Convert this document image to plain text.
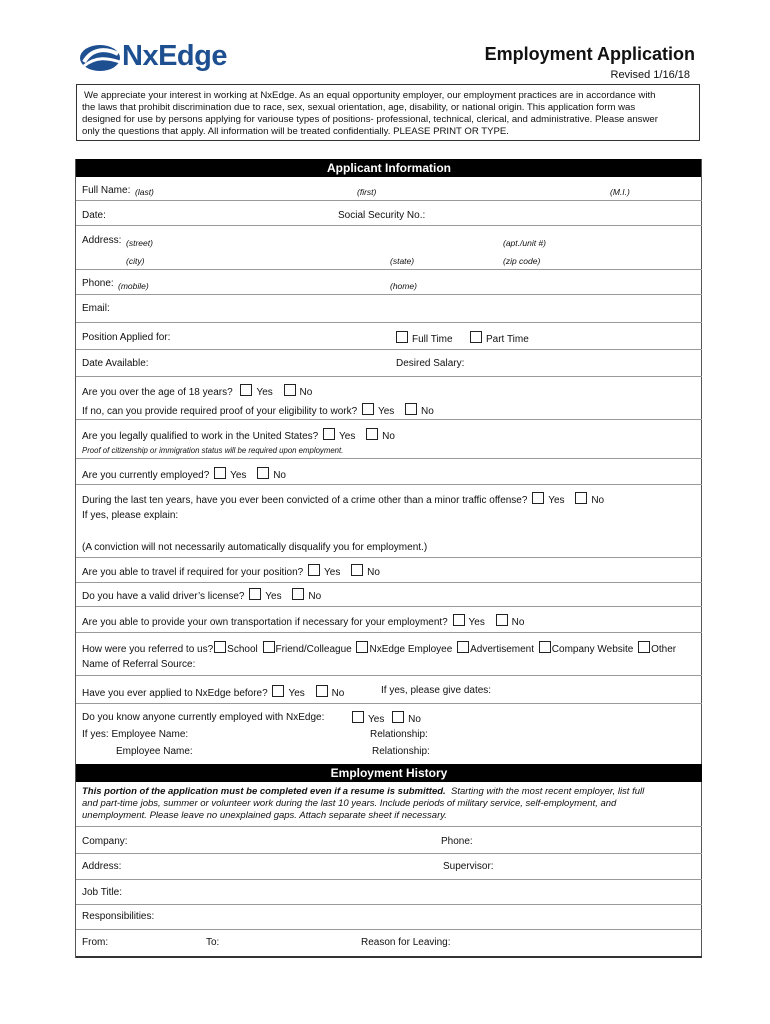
NxEdge	Employment Application
Revised 1/16/18
We appreciate your interest in working at NxEdge. As an equal opportunity employer, our employment practices are in accordance with
the laws that prohibit discrimination due to race, sex, sexual orientation, age, disability, or national origin. This application form was
designed for use by persons applying for variouse types of positions- professional, technical, clerical, and administrative. Please answer
only the questions that apply. All information will be treated confidentially. PLEASE PRINT OR TYPE.
Applicant Information
Full Name: (last)	(first)	(M.I.)
Date:	Social Security No.:
Address: (street)	(apt./unit #)
(city)	(state)	(zip code)
Phone: (mobile)	(home)
Email:
Position Applied for:	Full Time	Part Time
Date Available:	Desired Salary:
Are you over the age of 18 years? Yes	No
If no, can you provide required proof of your eligibility to work? Yes	No
Are you legally qualified to work in the United States? Yes	No
Proof of citizenship or immigration status will be required upon employment.
Are you currently employed? Yes	No
During the last ten years, have you ever been convicted of a crime other than a minor traffic offense? Yes	No
If yes, please explain:
(A conviction will not necessarily automatically disqualify you for employment.)
Are you able to travel if required for your position? Yes	No
Do you have a valid driver’s license? Yes	No
Are you able to provide your own transportation if necessary for your employment? Yes	No
How were you referred to us? School Friend/Colleague NxEdge Employee Advertisement Company Website Other
Name of Referral Source:
Have you ever applied to NxEdge before? Yes	No	If yes, please give dates:
Do you know anyone currently employed with NxEdge:	Yes No
If yes: Employee Name:	Relationship:
Employee Name:	Relationship:
Employment History
This portion of the application must be completed even if a resume is submitted. Starting with the most recent employer, list full
and part-time jobs, summer or volunteer work during the last 10 years. Include periods of military service, self-employment, and
unemployment. Please leave no unexplained gaps. Attach separate sheet if necessary.
Company:	Phone:
Address:	Supervisor:
Job Title:
Responsibilities:
From:	To:	Reason for Leaving:
